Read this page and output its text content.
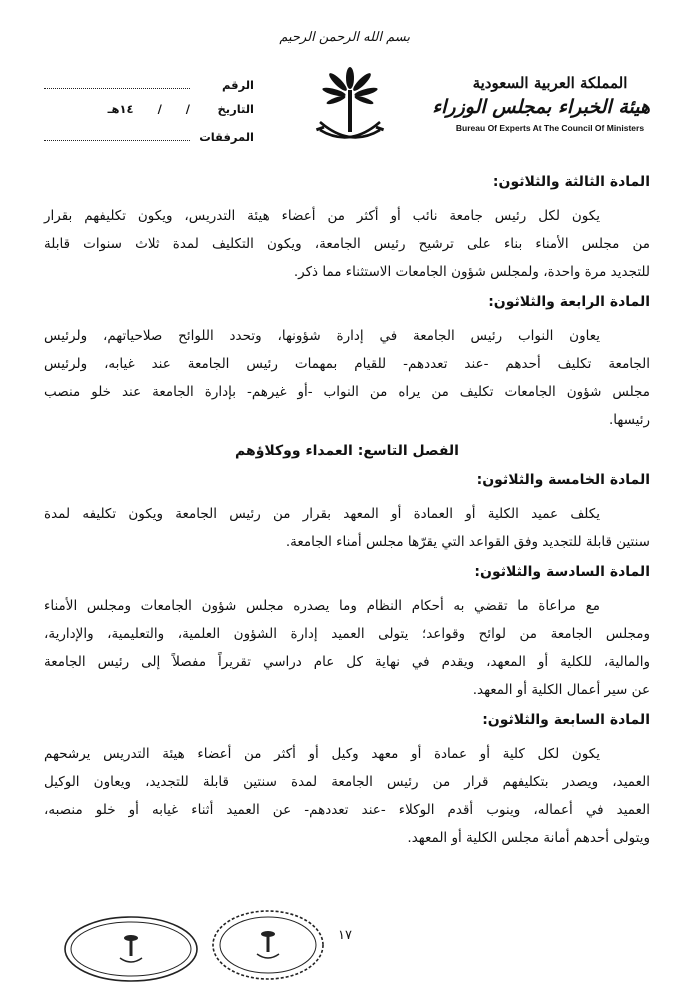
بسم الله الرحمن الرحيم
المملكة العربية السعودية
هيئة الخبراء بمجلس الوزراء
Bureau Of Experts At The Council Of Ministers
الرقم
التاريخ
/      /      ١٤هـ
المرفقات
المادة الثالثة والثلاثون:
يكون لكل رئيس جامعة نائب أو أكثر من أعضاء هيئة التدريس، ويكون تكليفهم بقرار
من مجلس الأمناء بناء على ترشيح رئيس الجامعة، ويكون التكليف لمدة ثلاث سنوات قابلة
للتجديد مرة واحدة، ولمجلس شؤون الجامعات الاستثناء مما ذكر.
المادة الرابعة والثلاثون:
يعاون النواب رئيس الجامعة في إدارة شؤونها، وتحدد اللوائح صلاحياتهم، ولرئيس
الجامعة تكليف أحدهم -عند تعددهم- للقيام بمهمات رئيس الجامعة عند غيابه، ولرئيس
مجلس شؤون الجامعات تكليف من يراه من النواب -أو غيرهم- بإدارة الجامعة عند خلو منصب
رئيسها.
الفصل التاسع: العمداء ووكلاؤهم
المادة الخامسة والثلاثون:
يكلف عميد الكلية أو العمادة أو المعهد بقرار من رئيس الجامعة ويكون تكليفه لمدة
سنتين قابلة للتجديد وفق القواعد التي يقرّها مجلس أمناء الجامعة.
المادة السادسة والثلاثون:
مع مراعاة ما تقضي به أحكام النظام وما يصدره مجلس شؤون الجامعات ومجلس الأمناء
ومجلس الجامعة من لوائح وقواعد؛ يتولى العميد إدارة الشؤون العلمية، والتعليمية، والإدارية،
والمالية، للكلية أو المعهد، ويقدم في نهاية كل عام دراسي تقريراً مفصلاً إلى رئيس الجامعة
عن سير أعمال الكلية أو المعهد.
المادة السابعة والثلاثون:
يكون لكل كلية أو عمادة أو معهد وكيل أو أكثر من أعضاء هيئة التدريس يرشحهم
العميد، ويصدر بتكليفهم قرار من رئيس الجامعة لمدة سنتين قابلة للتجديد، ويعاون الوكيل
العميد في أعماله، وينوب أقدم الوكلاء -عند تعددهم- عن العميد أثناء غيابه أو خلو منصبه،
ويتولى أحدهم أمانة مجلس الكلية أو المعهد.
١٧
